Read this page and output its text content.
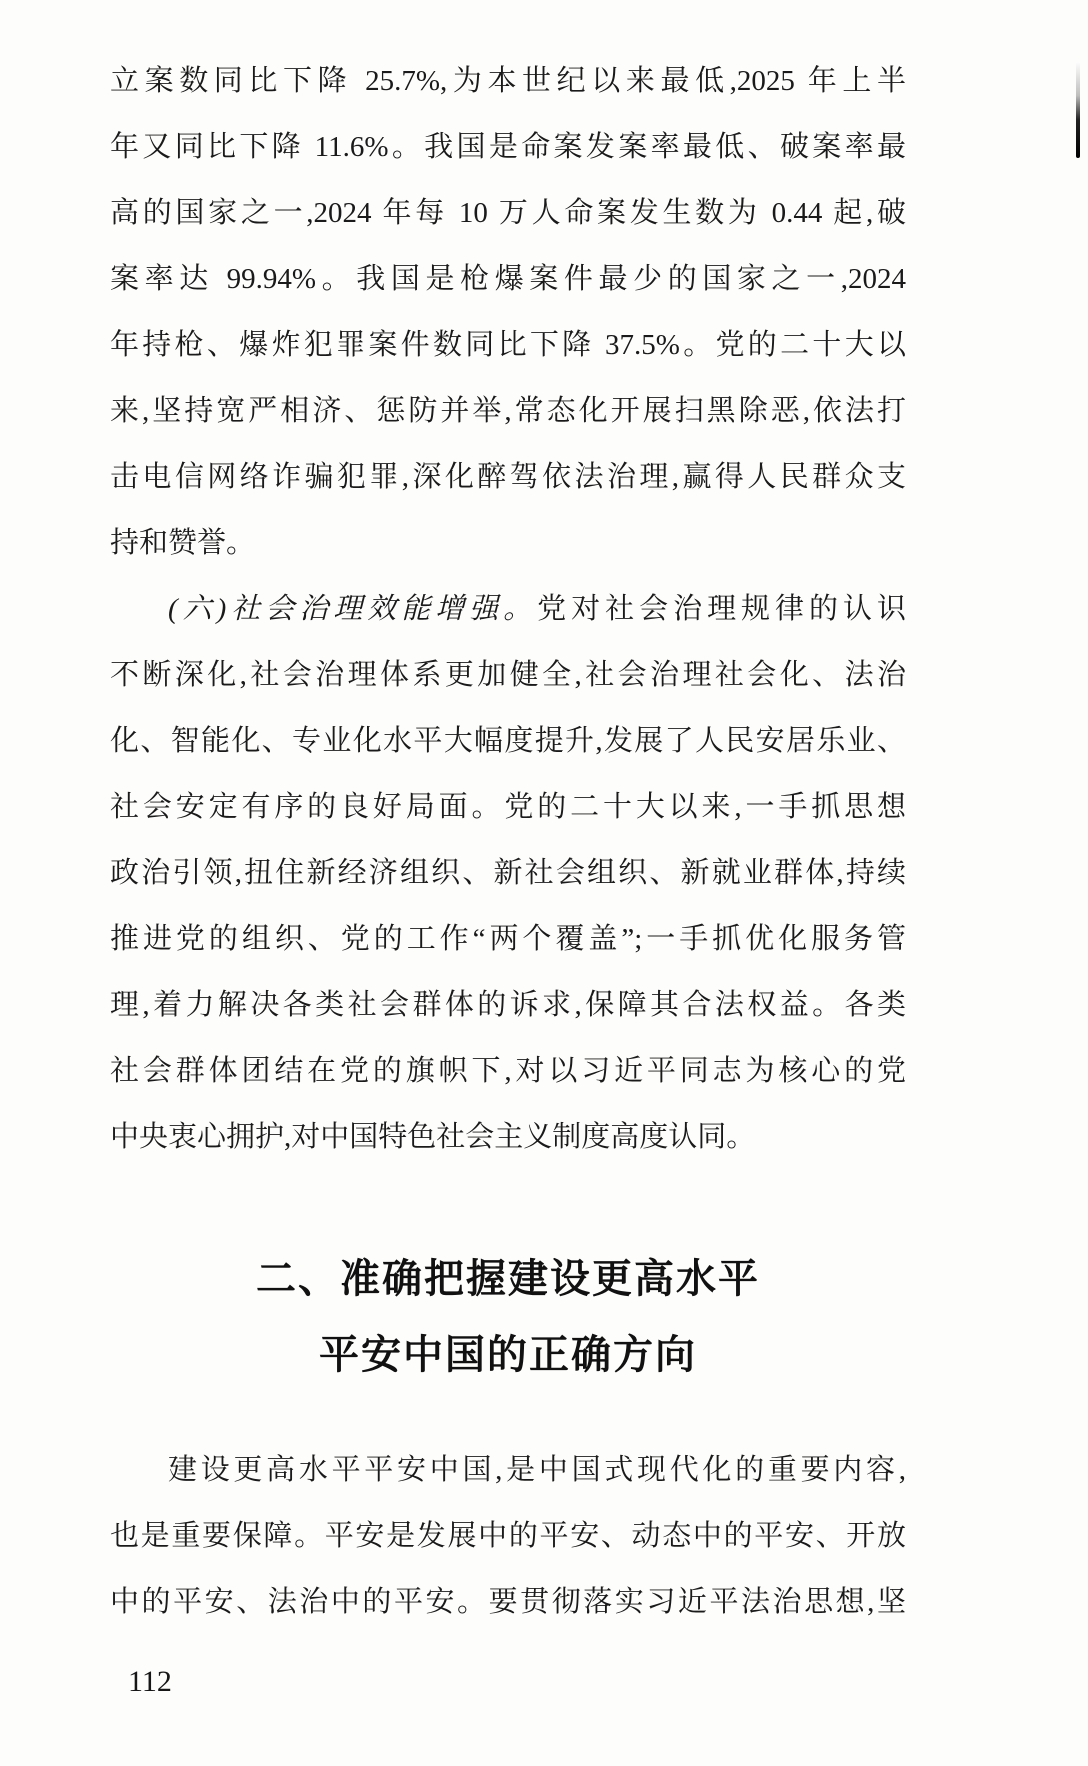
立案数同比下降 25.7%,为本世纪以来最低,2025 年上半

年又同比下降 11.6%。我国是命案发案率最低、破案率最

高的国家之一,2024 年每 10 万人命案发生数为 0.44 起,破

案率达 99.94%。我国是枪爆案件最少的国家之一,2024

年持枪、爆炸犯罪案件数同比下降 37.5%。党的二十大以

来,坚持宽严相济、惩防并举,常态化开展扫黑除恶,依法打

击电信网络诈骗犯罪,深化醉驾依法治理,赢得人民群众支

持和赞誉。

(六)社会治理效能增强。党对社会治理规律的认识

不断深化,社会治理体系更加健全,社会治理社会化、法治

化、智能化、专业化水平大幅度提升,发展了人民安居乐业、

社会安定有序的良好局面。党的二十大以来,一手抓思想

政治引领,扭住新经济组织、新社会组织、新就业群体,持续

推进党的组织、党的工作“两个覆盖”;一手抓优化服务管

理,着力解决各类社会群体的诉求,保障其合法权益。各类

社会群体团结在党的旗帜下,对以习近平同志为核心的党

中央衷心拥护,对中国特色社会主义制度高度认同。

二、准确把握建设更高水平
平安中国的正确方向

建设更高水平平安中国,是中国式现代化的重要内容,

也是重要保障。平安是发展中的平安、动态中的平安、开放

中的平安、法治中的平安。要贯彻落实习近平法治思想,坚

112
